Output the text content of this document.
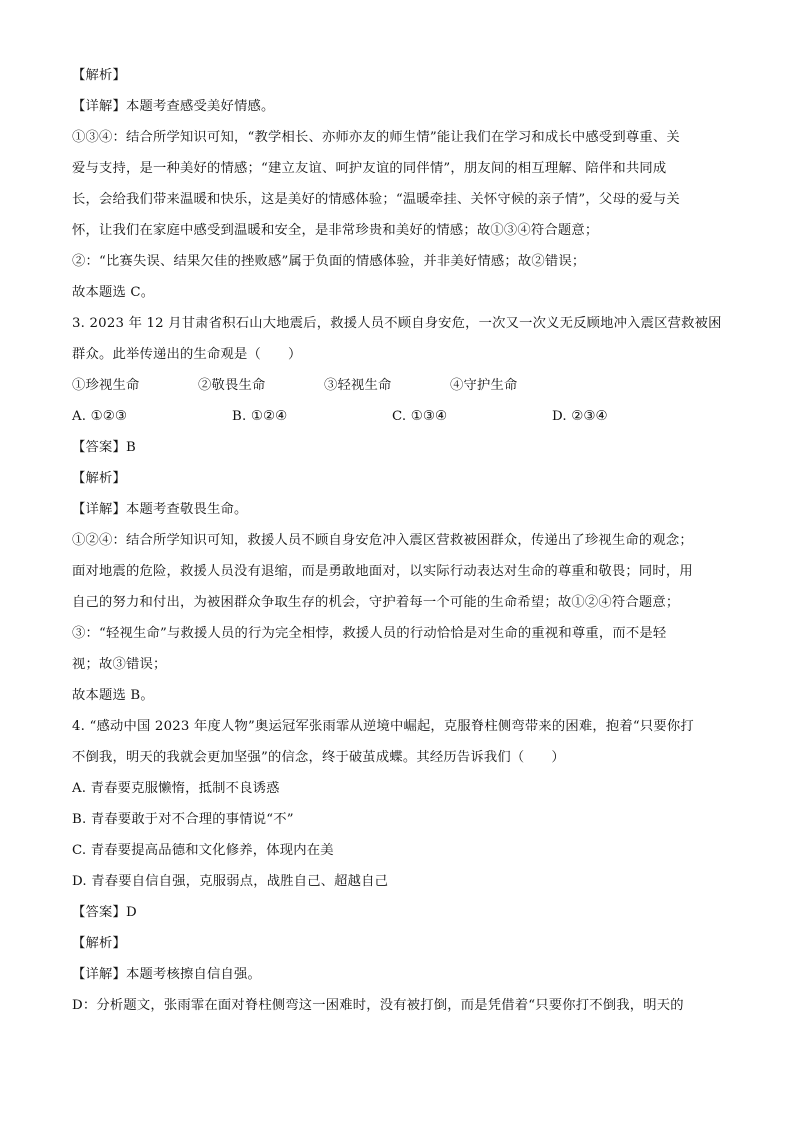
【解析】
【详解】本题考查感受美好情感。
①③④：结合所学知识可知，“教学相长、亦师亦友的师生情”能让我们在学习和成长中感受到尊重、关
爱与支持，是一种美好的情感；“建立友谊、呵护友谊的同伴情”，朋友间的相互理解、陪伴和共同成
长，会给我们带来温暖和快乐，这是美好的情感体验；“温暖牵挂、关怀守候的亲子情”，父母的爱与关
怀，让我们在家庭中感受到温暖和安全，是非常珍贵和美好的情感；故①③④符合题意；
②：“比赛失误、结果欠佳的挫败感”属于负面的情感体验，并非美好情感；故②错误；
故本题选 C。
3. 2023 年 12 月甘肃省积石山大地震后，救援人员不顾自身安危，一次又一次义无反顾地冲入震区营救被困
群众。此举传递出的生命观是（　　）
①珍视生命	②敬畏生命	③轻视生命	④守护生命
A. ①②③	B. ①②④	C. ①③④	D. ②③④
【答案】B
【解析】
【详解】本题考查敬畏生命。
①②④：结合所学知识可知，救援人员不顾自身安危冲入震区营救被困群众，传递出了珍视生命的观念；
面对地震的危险，救援人员没有退缩，而是勇敢地面对，以实际行动表达对生命的尊重和敬畏；同时，用
自己的努力和付出，为被困群众争取生存的机会，守护着每一个可能的生命希望；故①②④符合题意；
③：“轻视生命”与救援人员的行为完全相悖，救援人员的行动恰恰是对生命的重视和尊重，而不是轻
视；故③错误；
故本题选 B。
4. “感动中国 2023 年度人物”奥运冠军张雨霏从逆境中崛起，克服脊柱侧弯带来的困难，抱着“只要你打
不倒我，明天的我就会更加坚强”的信念，终于破茧成蝶。其经历告诉我们（　　）
A. 青春要克服懒惰，抵制不良诱惑
B. 青春要敢于对不合理的事情说“不”
C. 青春要提高品德和文化修养，体现内在美
D. 青春要自信自强，克服弱点，战胜自己、超越自己
【答案】D
【解析】
【详解】本题考核擦自信自强。
D：分析题文，张雨霏在面对脊柱侧弯这一困难时，没有被打倒，而是凭借着“只要你打不倒我，明天的
